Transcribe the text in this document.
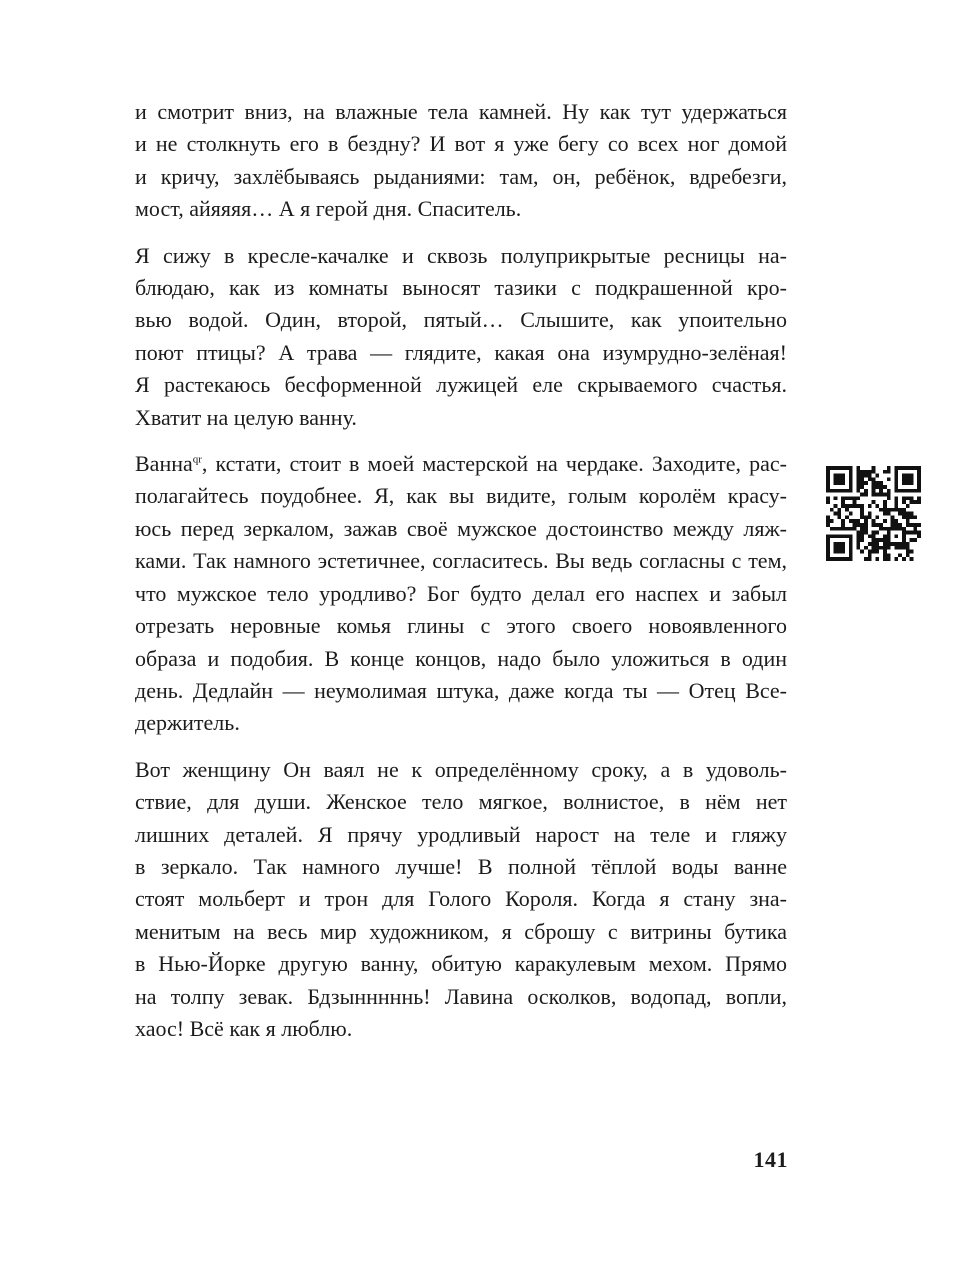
и смотрит вниз, на влажные тела камней. Ну как тут удержаться
и не столкнуть его в бездну? И вот я уже бегу со всех ног домой
и кричу, захлёбываясь рыданиями: там, он, ребёнок, вдребезги,
мост, айяяяя… А я герой дня. Спаситель.

Я сижу в кресле-качалке и сквозь полуприкрытые ресницы на-
блюдаю, как из комнаты выносят тазики с подкрашенной кро-
вью водой. Один, второй, пятый… Слышите, как упоительно
поют птицы? А трава — глядите, какая она изумрудно-зелёная!
Я растекаюсь бесформенной лужицей еле скрываемого счастья.
Хватит на целую ванну.

Ванна$^{qr}$, кстати, стоит в моей мастерской на чердаке. Заходите, рас-
полагайтесь поудобнее. Я, как вы видите, голым королём красу-
юсь перед зеркалом, зажав своё мужское достоинство между ляж-
ками. Так намного эстетичнее, согласитесь. Вы ведь согласны с тем,
что мужское тело уродливо? Бог будто делал его наспех и забыл
отрезать неровные комья глины с этого своего новоявленного
образа и подобия. В конце концов, надо было уложиться в один
день. Дедлайн — неумолимая штука, даже когда ты — Отец Все-
держитель.

Вот женщину Он ваял не к определённому сроку, а в удоволь-
ствие, для души. Женское тело мягкое, волнистое, в нём нет
лишних деталей. Я прячу уродливый нарост на теле и гляжу
в зеркало. Так намного лучше! В полной тёплой воды ванне
стоят мольберт и трон для Голого Короля. Когда я стану зна-
менитым на весь мир художником, я сброшу с витрины бутика
в Нью-Йорке другую ванну, обитую каракулевым мехом. Прямо
на толпу зевак. Бдзынннннь! Лавина осколков, водопад, вопли,
хаос! Всё как я люблю.

141
